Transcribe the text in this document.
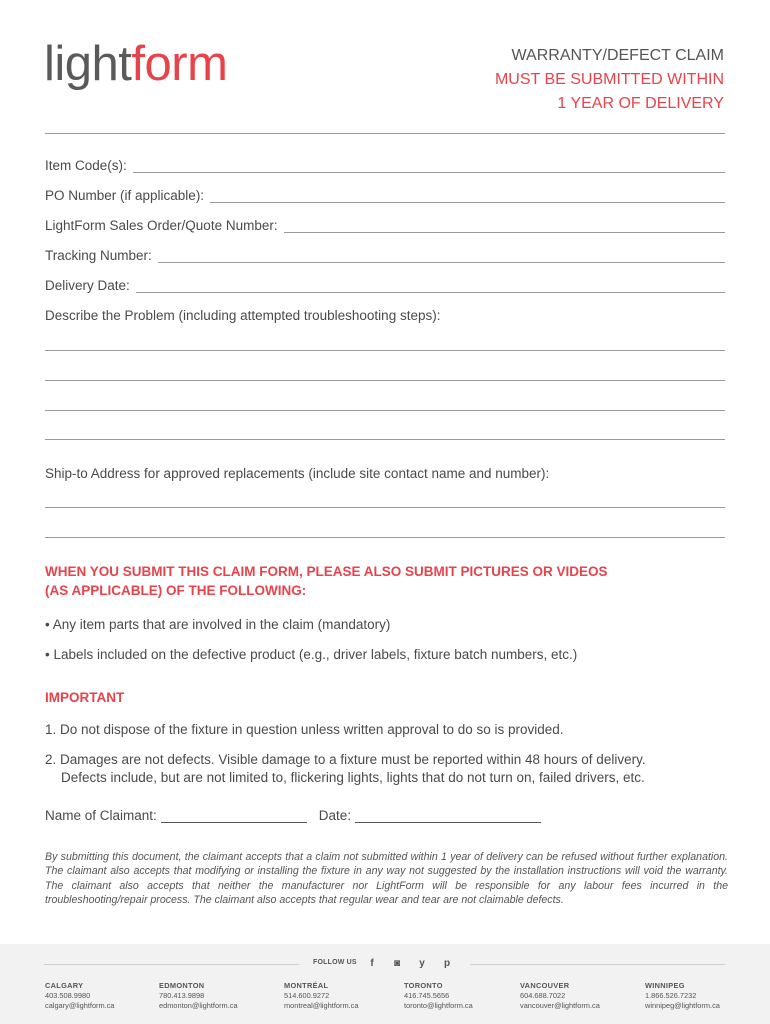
lightform	WARRANTY/DEFECT CLAIM
MUST BE SUBMITTED WITHIN
1 YEAR OF DELIVERY
Item Code(s):
PO Number (if applicable):
LightForm Sales Order/Quote Number:
Tracking Number:
Delivery Date:
Describe the Problem (including attempted troubleshooting steps):
Ship-to Address for approved replacements (include site contact name and number):
WHEN YOU SUBMIT THIS CLAIM FORM, PLEASE ALSO SUBMIT PICTURES OR VIDEOS
(AS APPLICABLE) OF THE FOLLOWING:
• Any item parts that are involved in the claim (mandatory)
• Labels included on the defective product (e.g., driver labels, fixture batch numbers, etc.)
IMPORTANT
1. Do not dispose of the fixture in question unless written approval to do so is provided.
2. Damages are not defects. Visible damage to a fixture must be reported within 48 hours of delivery.
Defects include, but are not limited to, flickering lights, lights that do not turn on, failed drivers, etc.
Name of Claimant:	Date:
By submitting this document, the claimant accepts that a claim not submitted within 1 year of delivery can be refused without further explanation. The claimant also accepts that modifying or installing the fixture in any way not suggested by the installation instructions will void the warranty. The claimant also accepts that neither the manufacturer nor LightForm will be responsible for any labour fees incurred in the troubleshooting/repair process. The claimant also accepts that regular wear and tear are not claimable defects.
FOLLOW US	f	◙	y	p
CALGARY
403.508.9980
calgary@lightform.ca
EDMONTON
780.413.9898
edmonton@lightform.ca
MONTRÉAL
514.600.9272
montreal@lightform.ca
TORONTO
416.745.5656
toronto@lightform.ca
VANCOUVER
604.688.7022
vancouver@lightform.ca
WINNIPEG
1.866.526.7232
winnipeg@lightform.ca
